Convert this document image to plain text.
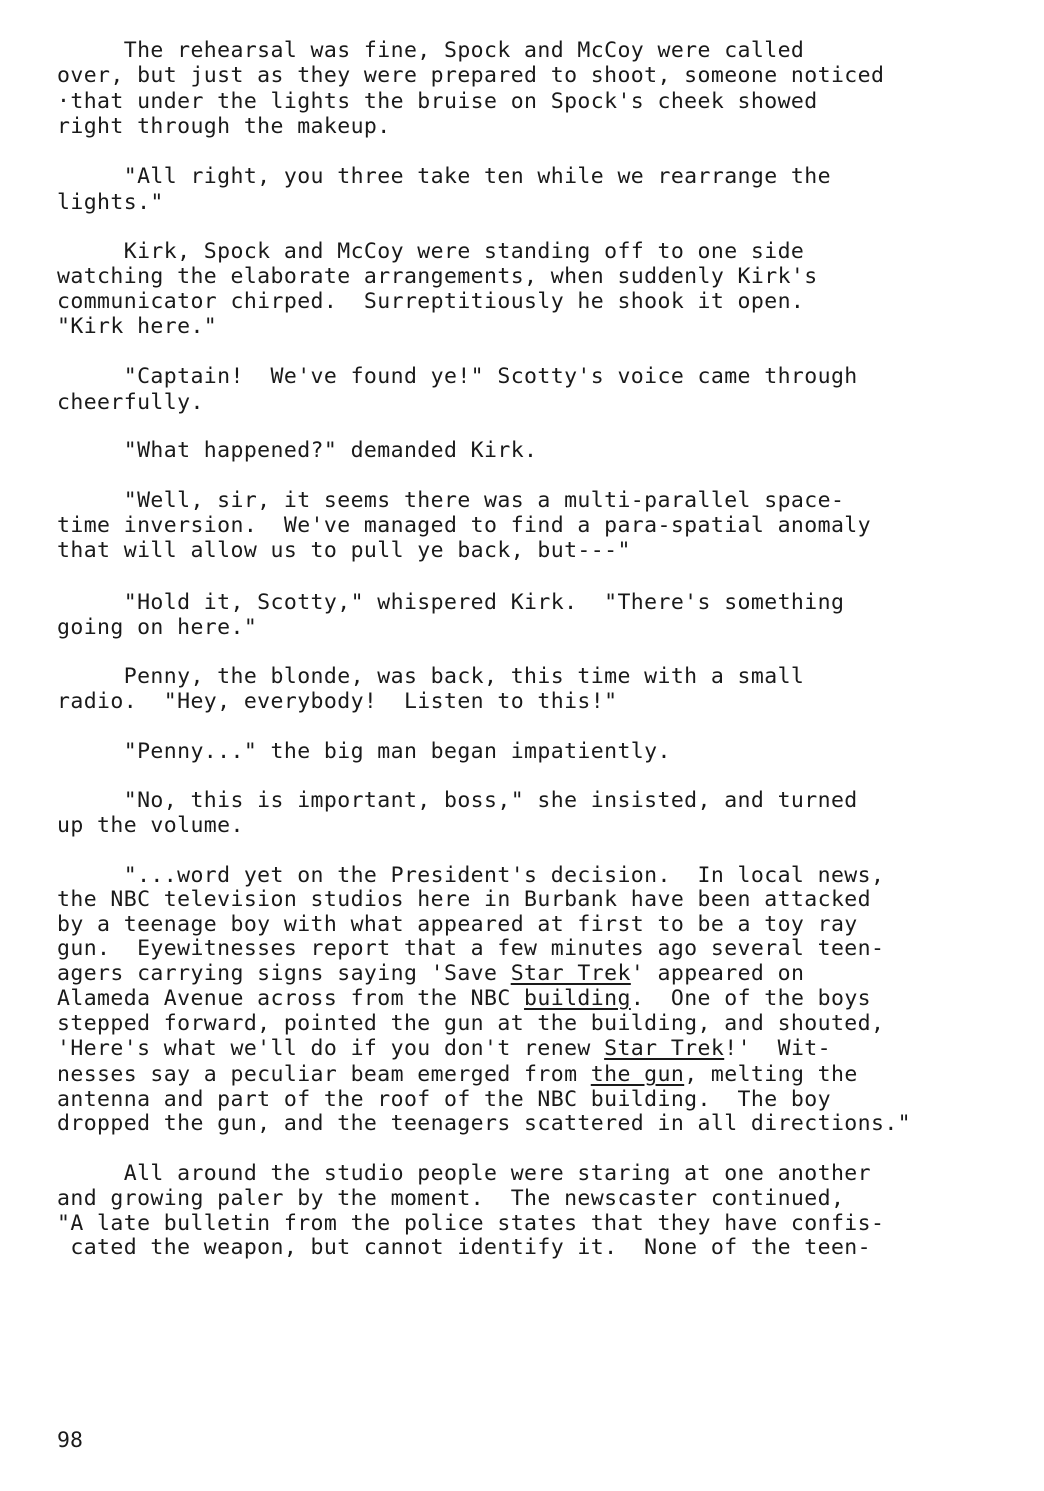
The rehearsal was fine, Spock and McCoy were called
over, but just as they were prepared to shoot, someone noticed
·that under the lights the bruise on Spock's cheek showed
right through the makeup.
"All right, you three take ten while we rearrange the
lights."
Kirk, Spock and McCoy were standing off to one side
watching the elaborate arrangements, when suddenly Kirk's
communicator chirped.  Surreptitiously he shook it open.
"Kirk here."
"Captain!  We've found ye!" Scotty's voice came through
cheerfully.
"What happened?" demanded Kirk.
"Well, sir, it seems there was a multi-parallel space-
time inversion.  We've managed to find a para-spatial anomaly
that will allow us to pull ye back, but---"
"Hold it, Scotty," whispered Kirk.  "There's something
going on here."
Penny, the blonde, was back, this time with a small
radio.  "Hey, everybody!  Listen to this!"
"Penny..." the big man began impatiently.
"No, this is important, boss," she insisted, and turned
up the volume.
"...word yet on the President's decision.  In local news,
the NBC television studios here in Burbank have been attacked
by a teenage boy with what appeared at first to be a toy ray
gun.  Eyewitnesses report that a few minutes ago several teen-
agers carrying signs saying 'Save Star Trek' appeared on
Alameda Avenue across from the NBC building.  One of the boys
stepped forward, pointed the gun at the building, and shouted,
'Here's what we'll do if you don't renew Star Trek!'  Wit-
nesses say a peculiar beam emerged from the gun, melting the
antenna and part of the roof of the NBC building.  The boy
dropped the gun, and the teenagers scattered in all directions."
All around the studio people were staring at one another
and growing paler by the moment.  The newscaster continued,
"A late bulletin from the police states that they have confis-
cated the weapon, but cannot identify it.  None of the teen-
98
